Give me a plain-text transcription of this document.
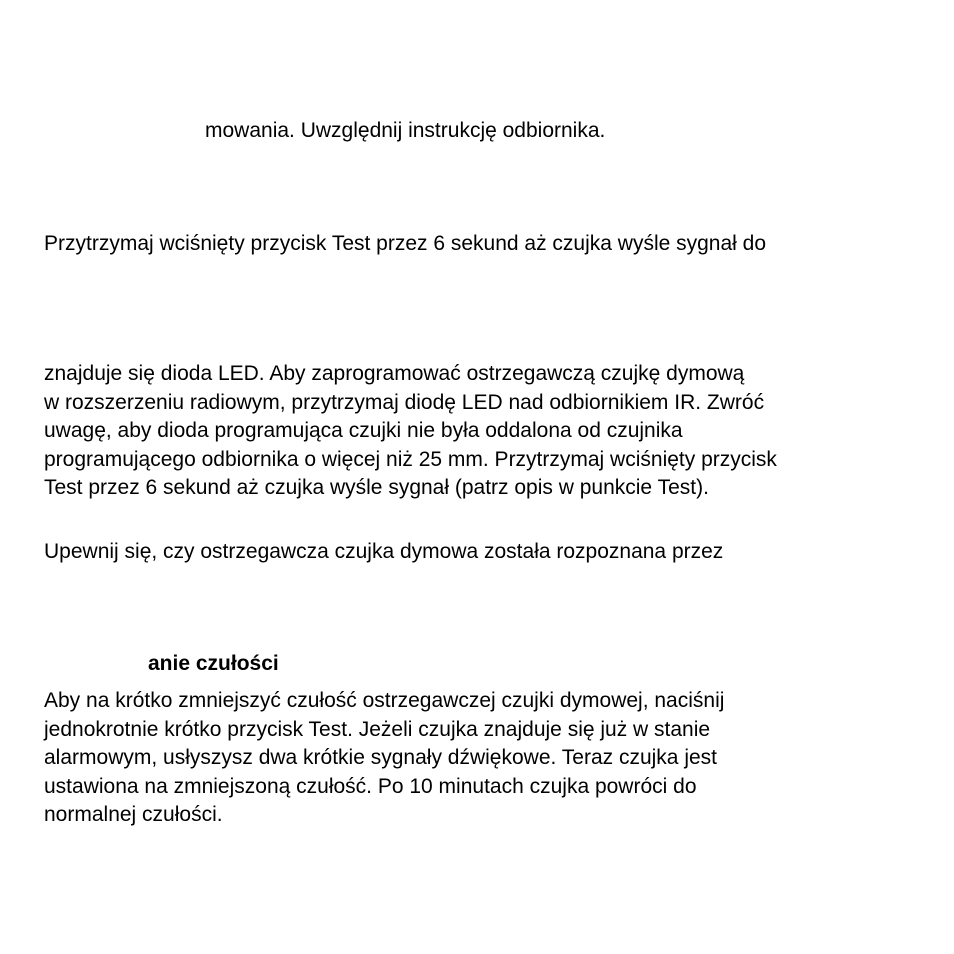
mowania. Uwzględnij instrukcję odbiornika.

Przytrzymaj wciśnięty przycisk Test przez 6 sekund aż czujka wyśle sygnał do

znajduje się dioda LED. Aby zaprogramować ostrzegawczą czujkę dymową
w rozszerzeniu radiowym, przytrzymaj diodę LED nad odbiornikiem IR. Zwróć
uwagę, aby dioda programująca czujki nie była oddalona od czujnika
programującego odbiornika o więcej niż 25 mm. Przytrzymaj wciśnięty przycisk
Test przez 6 sekund aż czujka wyśle sygnał (patrz opis w punkcie Test).

Upewnij się, czy ostrzegawcza czujka dymowa została rozpoznana przez

anie czułości

Aby na krótko zmniejszyć czułość ostrzegawczej czujki dymowej, naciśnij
jednokrotnie krótko przycisk Test. Jeżeli czujka znajduje się już w stanie
alarmowym, usłyszysz dwa krótkie sygnały dźwiękowe. Teraz czujka jest
ustawiona na zmniejszoną czułość. Po 10 minutach czujka powróci do
normalnej czułości.
